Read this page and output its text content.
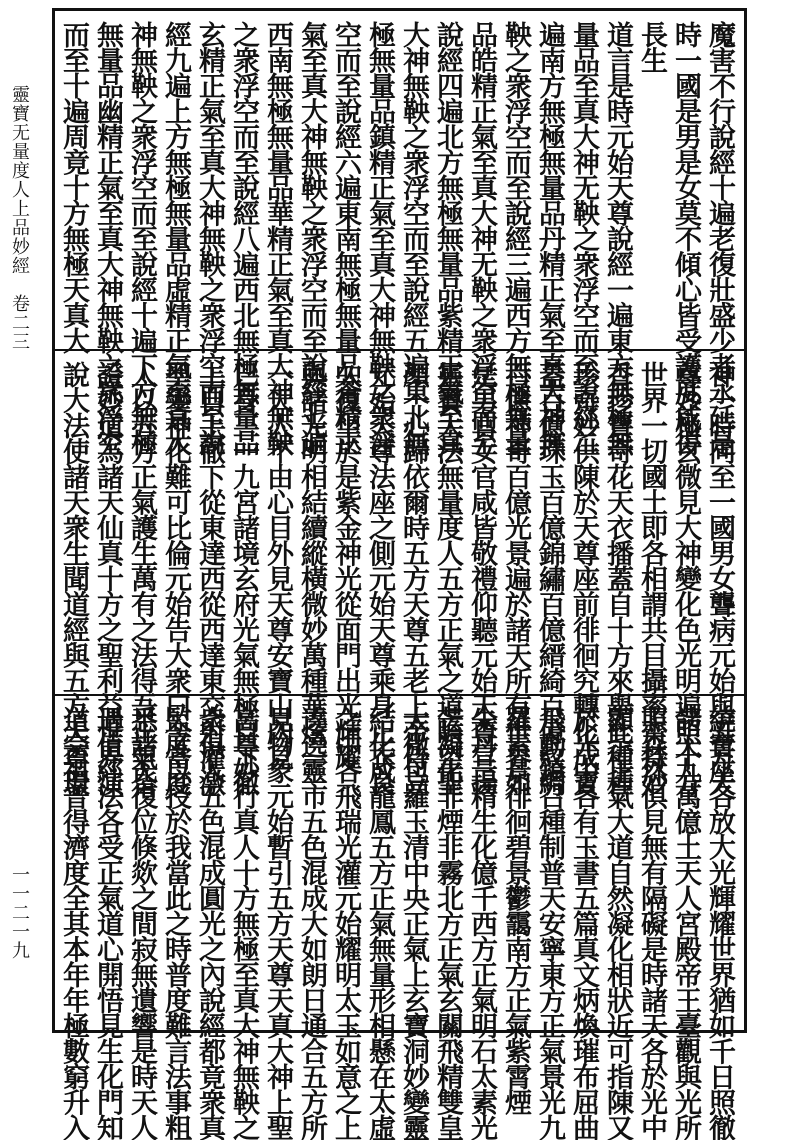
靈寶无量度人上品妙經　卷二三
一一二一九
魔害不行說經十遍老復壯盛少者永延是
時一國是男是女莫不傾心皆受護度咸得
長生
道言是時元始天尊說經一遍東方無極無
量品至真大神无鞅之衆浮空而至說經二
遍南方無極無量品丹精正氣至真大神無
鞅之衆浮空而至說經三遍西方無極無量
品皓精正氣至真大神无鞅之衆浮空而至
說經四遍北方無極無量品紫精正氣至真
大神無鞅之衆浮空而至說經五遍東北無
極無量品鎮精正氣至真大神無鞅之衆浮
空而至說經六遍東南無極無量品蒼精正
氣至真大神無鞅之衆浮空而至說經七遍
西南無極無量品華精正氣至真大神無鞅
之衆浮空而至說經八遍西北無極無量品
玄精正氣至真大神無鞅之衆浮空而至說
經九遍上方無極無量品虛精正氣至真大
神無鞅之衆浮空而至說經十遍下方無極
無量品幽精正氣至真大神無鞅之衆浮空
而至十遍周竟十方無極天真大
神一時同至一國男女聾病元始與五方天
尊妙極玄微見大神變化色光明遍照十方
世界一切國土即各相謂共目攝率齋持妙
香珍寶奇花天衣播蓋自十方來舉此種種
珍奇妙供陳於天尊座前徘徊究轉化成寶
蓋百億珠玉百億錦繡百億縉綺百億紋綢
百億神奇百億光景遍於諸天所有世界如
是男官女官咸皆敬禮仰聽元始天尊宣揚
靈寶大法無量度人五方正氣之道瞻望聖
顏一心歸依爾時五方天尊五老上帝侍立
元始天尊法座之側元始天尊乘身正衣良
久復坐於是紫金神光從面門出光輝耀
與諸光明相結續縱橫微妙萬種華炫一
一天人不由心目外見天尊安寶山內見
已身三一九宮諸境玄府光氣無極自下徹
上自上徹下從東達西從西達東交射灌激
聖變神化難可比倫元始告大衆曰今當度
人以五方正氣護生萬有之法得吾正氣皆
證妙道為諸天仙真十方之聖利益世界演
說大法使諸天衆生聞道經與五方天尊環
繞寶座各放大光輝耀世界猶如千日照徹
諸天九萬億土天人宮殿帝王臺觀與光所
照森然俱見無有隔礙是時諸天各於光中
顯示正氣大道自然凝化相狀近可指陳又
於光中各有玉書五篇真文炳煥璀布屈曲
飛動鎮召種制普天安寧東方正氣景光九
羅素景徘徊碧景鬱靄南方正氣紫霄煙
朱丹三精生化億千西方正氣明石太素光
芒凝化非煙非霧北方正氣玄關飛精雙皇
太微包羅玉清中央正氣上玄寶洞妙變靈
結化成龍鳳五方正氣無量形相懸在太虛
之中各飛瑞光灌元始耀明太玉如意之上
遶遶靈市五色混成大如朗日通合五方所
見物象元始暫引五方天尊天真大神上聖
高尊妙行真人十方無極至真大神無鞅之
衆俱入五色混成圓光之內說經都竟衆真
監度以授於我當此之時普度難言法事粗
悉諸天復位倏欻之間寂無遺響是時天人
遇值經法各受正氣道心開悟見生化門知
道宗祖普得濟度全其本年年極數窮升入
